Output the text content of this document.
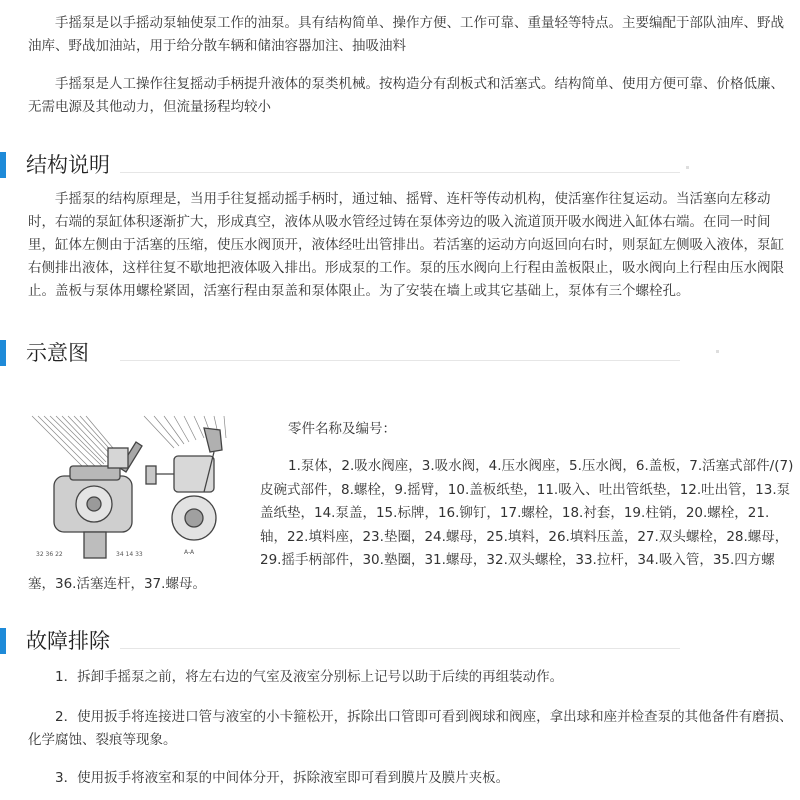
手摇泵是以手摇动泵轴使泵工作的油泵。具有结构简单、操作方便、工作可靠、重量轻等特点。主要编配于部队油库、野战油库、野战加油站，用于给分散车辆和储油容器加注、抽吸油料

手摇泵是人工操作往复摇动手柄提升液体的泵类机械。按构造分有刮板式和活塞式。结构简单、使用方便可靠、价格低廉、无需电源及其他动力，但流量扬程均较小

结构说明

手摇泵的结构原理是，当用手往复摇动摇手柄时，通过轴、摇臂、连杆等传动机构，使活塞作往复运动。当活塞向左移动时，右端的泵缸体积逐渐扩大，形成真空，液体从吸水管经过铸在泵体旁边的吸入流道顶开吸水阀进入缸体右端。在同一时间里，缸体左侧由于活塞的压缩，使压水阀顶开，液体经吐出管排出。若活塞的运动方向返回向右时，则泵缸左侧吸入液体，泵缸右侧排出液体，这样往复不歇地把液体吸入排出。形成泵的工作。泵的压水阀向上行程由盖板限止，吸水阀向上行程由压水阀限止。盖板与泵体用螺栓紧固，活塞行程由泵盖和泵体限止。为了安装在墙上或其它基础上，泵体有三个螺栓孔。

示意图
32 36 22	34 14 33	A-A

零件名称及编号：

1.泵体，2.吸水阀座，3.吸水阀，4.压水阀座，5.压水阀，6.盖板，7.活塞式部件/(7)皮碗式部件，8.螺栓，9.摇臂，10.盖板纸垫，11.吸入、吐出管纸垫，12.吐出管，13.泵盖纸垫，14.泵盖，15.标牌，16.铆钉，17.螺栓，18.衬套，19.柱销，20.螺栓，21.轴，22.填料座，23.垫圈，24.螺母，25.填料，26.填料压盖，27.双头螺栓，28.螺母，29.摇手柄部件，30.塾圈，31.螺母，32.双头螺栓，33.拉杆，34.吸入管，35.四方螺塞，36.活塞连杆，37.螺母。

故障排除

1．拆卸手摇泵之前，将左右边的气室及液室分别标上记号以助于后续的再组装动作。

2．使用扳手将连接进口管与液室的小卡箍松开，拆除出口管即可看到阀球和阀座，拿出球和座并检查泵的其他备件有磨损、化学腐蚀、裂痕等现象。

3．使用扳手将液室和泵的中间体分开，拆除液室即可看到膜片及膜片夹板。
